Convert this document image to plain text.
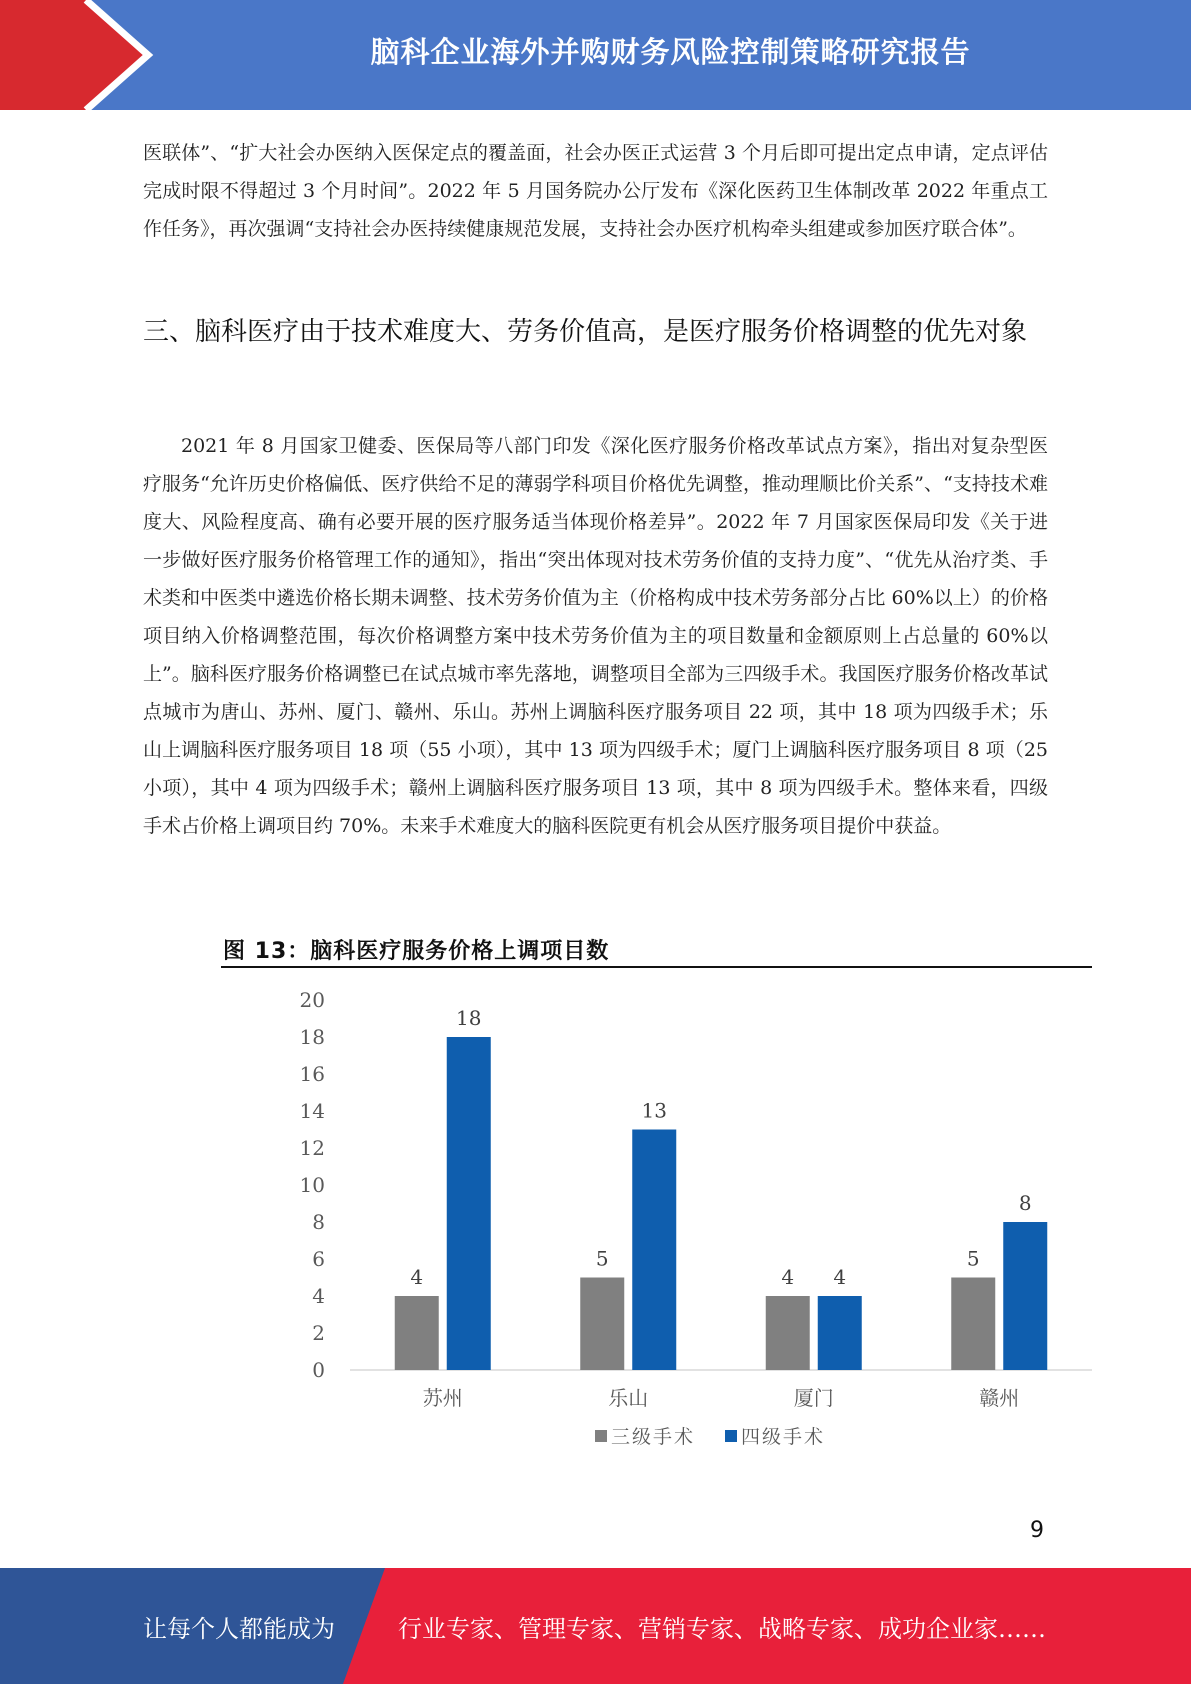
脑科企业海外并购财务风险控制策略研究报告

医联体”、“扩大社会办医纳入医保定点的覆盖面，社会办医正式运营 3 个月后即可提出定点申请，定点评估完成时限不得超过 3 个月时间”。2022 年 5 月国务院办公厅发布《深化医药卫生体制改革 2022 年重点工作任务》，再次强调“支持社会办医持续健康规范发展，支持社会办医疗机构牵头组建或参加医疗联合体”。

三、脑科医疗由于技术难度大、劳务价值高，是医疗服务价格调整的优先对象

2021 年 8 月国家卫健委、医保局等八部门印发《深化医疗服务价格改革试点方案》，指出对复杂型医疗服务“允许历史价格偏低、医疗供给不足的薄弱学科项目价格优先调整，推动理顺比价关系”、“支持技术难度大、风险程度高、确有必要开展的医疗服务适当体现价格差异”。2022 年 7 月国家医保局印发《关于进一步做好医疗服务价格管理工作的通知》，指出“突出体现对技术劳务价值的支持力度”、“优先从治疗类、手术类和中医类中遴选价格长期未调整、技术劳务价值为主（价格构成中技术劳务部分占比 60%以上）的价格项目纳入价格调整范围，每次价格调整方案中技术劳务价值为主的项目数量和金额原则上占总量的 60%以上”。脑科医疗服务价格调整已在试点城市率先落地，调整项目全部为三四级手术。我国医疗服务价格改革试点城市为唐山、苏州、厦门、赣州、乐山。苏州上调脑科医疗服务项目 22 项，其中 18 项为四级手术；乐山上调脑科医疗服务项目 18 项（55 小项），其中 13 项为四级手术；厦门上调脑科医疗服务项目 8 项（25 小项），其中 4 项为四级手术；赣州上调脑科医疗服务项目 13 项，其中 8 项为四级手术。整体来看，四级手术占价格上调项目约 70%。未来手术难度大的脑科医院更有机会从医疗服务项目提价中获益。

图 13：脑科医疗服务价格上调项目数
0
2
4
6
8
10
12
14
16
18
20
4
18
苏州
5
13
乐山
4 4
厦门
5
8
赣州
三级手术 四级手术
9
让每个人都能成为	行业专家、管理专家、营销专家、战略专家、成功企业家……
